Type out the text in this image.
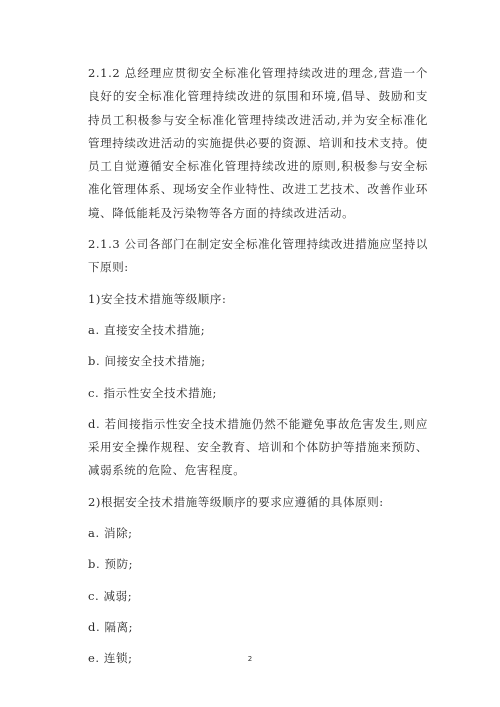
2.1.2 总经理应贯彻安全标准化管理持续改进的理念,营造一个良好的安全标准化管理持续改进的氛围和环境,倡导、鼓励和支持员工积极参与安全标准化管理持续改进活动,并为安全标准化管理持续改进活动的实施提供必要的资源、培训和技术支持。使员工自觉遵循安全标准化管理持续改进的原则,积极参与安全标准化管理体系、现场安全作业特性、改进工艺技术、改善作业环境、降低能耗及污染物等各方面的持续改进活动。

2.1.3 公司各部门在制定安全标准化管理持续改进措施应坚持以下原则:

1)安全技术措施等级顺序:

a. 直接安全技术措施;

b. 间接安全技术措施;

c. 指示性安全技术措施;

d. 若间接指示性安全技术措施仍然不能避免事故危害发生,则应采用安全操作规程、安全教育、培训和个体防护等措施来预防、减弱系统的危险、危害程度。

2)根据安全技术措施等级顺序的要求应遵循的具体原则:

a. 消除;

b. 预防;

c. 减弱;

d. 隔离;

e. 连锁;	2
